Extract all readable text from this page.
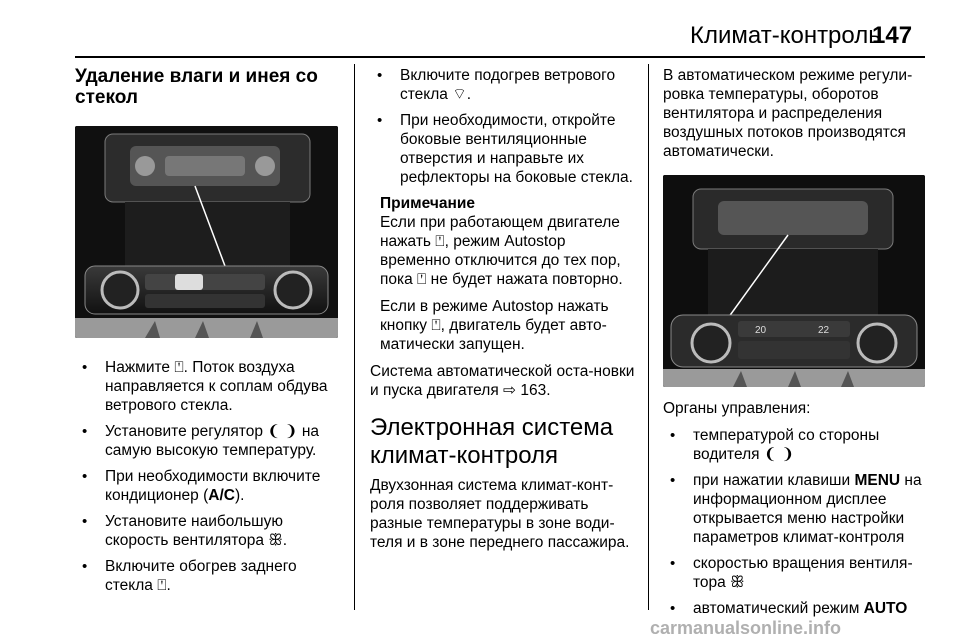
Климат-контроль
147
Удаление влаги и инея со стекол
• Нажмите ⍞. Поток воздуха направляется к соплам обдува ветрового стекла.
• Установите регулятор ❨ ❩ на самую высокую температуру.
• При необходимости включите кондиционер (A/C).
• Установите наибольшую скорость вентилятора ꕥ.
• Включите обогрев заднего стекла ⍞.
• Включите подогрев ветрового стекла ⌔.
• При необходимости, откройте боковые вентиляционные отверстия и направьте их рефлекторы на боковые стекла.
Примечание

Если при работающем двигателе нажать ⍞, режим Autostop временно отключится до тех пор, пока ⍞ не будет нажата повторно.

Если в режиме Autostop нажать кнопку ⍞, двигатель будет авто-матически запущен.

Система автоматической оста-новки и пуска двигателя ⇨ 163.

Электронная система климат-контроля

Двухзонная система климат-конт-роля позволяет поддерживать разные температуры в зоне води-теля и в зоне переднего пассажира.

В автоматическом режиме регули-ровка температуры, оборотов вентилятора и распределения воздушных потоков производятся автоматически.

20	22

Органы управления:

• температурой со стороны водителя ❨ ❩
• при нажатии клавиши MENU на информационном дисплее открывается меню настройки параметров климат-контроля
• скоростью вращения вентиля-тора ꕥ
• автоматический режим AUTO
carmanualsonline.info
